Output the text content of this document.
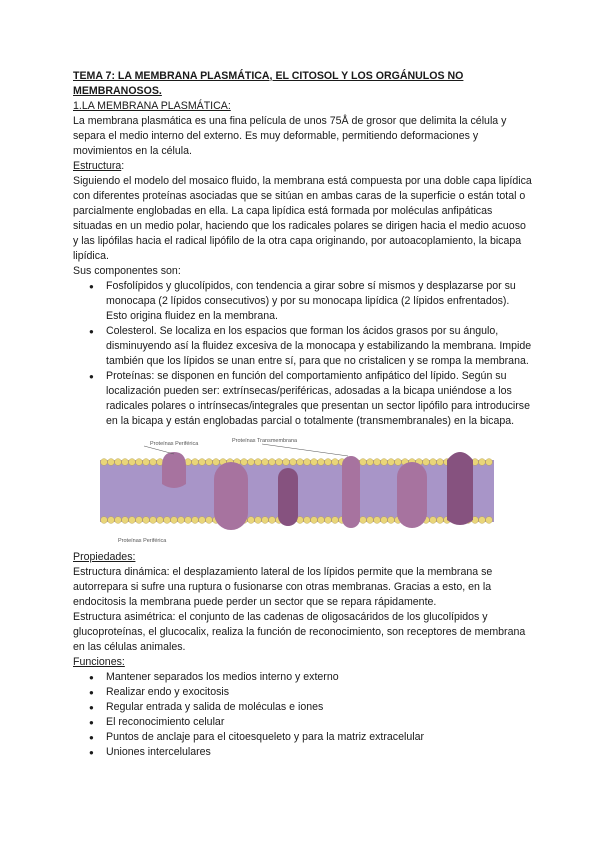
TEMA 7: LA MEMBRANA PLASMÁTICA, EL CITOSOL Y LOS ORGÁNULOS NO MEMBRANOSOS.

1.LA MEMBRANA PLASMÁTICA:

La membrana plasmática es una fina película de unos 75Å de grosor que delimita la célula y separa el medio interno del externo. Es muy deformable, permitiendo deformaciones y movimientos en la célula.

Estructura:

Siguiendo el modelo del mosaico fluido, la membrana está compuesta por una doble capa lipídica con diferentes proteínas asociadas que se sitúan en ambas caras de la superficie o están total o parcialmente englobadas en ella. La capa lipídica está formada por moléculas anfipáticas situadas en un medio polar, haciendo que los radicales polares se dirigen hacia el medio acuoso y las lipófilas hacia el radical lipófilo de la otra capa originando, por autoacoplamiento, la bicapa lipídica.

Sus componentes son:

● Fosfolípidos y glucolípidos, con tendencia a girar sobre sí mismos y desplazarse por su monocapa (2 lípidos consecutivos) y por su monocapa lipídica (2 lípidos enfrentados). Esto origina fluidez en la membrana.
● Colesterol. Se localiza en los espacios que forman los ácidos grasos por su ángulo, disminuyendo así la fluidez excesiva de la monocapa y estabilizando la membrana. Impide también que los lípidos se unan entre sí, para que no cristalicen y se rompa la membrana.
● Proteínas: se disponen en función del comportamiento anfipático del lípido. Según su localización pueden ser: extrínsecas/periféricas, adosadas a la bicapa uniéndose a los radicales polares o intrínsecas/integrales que presentan un sector lipófilo para introducirse en la bicapa y están englobadas parcial o totalmente (transmembranales) en la bicapa.
Proteínas Periférica	Proteínas Transmembrana
Proteínas Periférica

Propiedades:

Estructura dinámica: el desplazamiento lateral de los lípidos permite que la membrana se autorrepara si sufre una ruptura o fusionarse con otras membranas. Gracias a esto, en la endocitosis la membrana puede perder un sector que se repara rápidamente.

Estructura asimétrica: el conjunto de las cadenas de oligosacáridos de los glucolípidos y glucoproteínas, el glucocalix, realiza la función de reconocimiento, son receptores de membrana en las células animales.

Funciones:

● Mantener separados los medios interno y externo
● Realizar endo y exocitosis
● Regular entrada y salida de moléculas e iones
● El reconocimiento celular
● Puntos de anclaje para el citoesqueleto y para la matriz extracelular
● Uniones intercelulares
